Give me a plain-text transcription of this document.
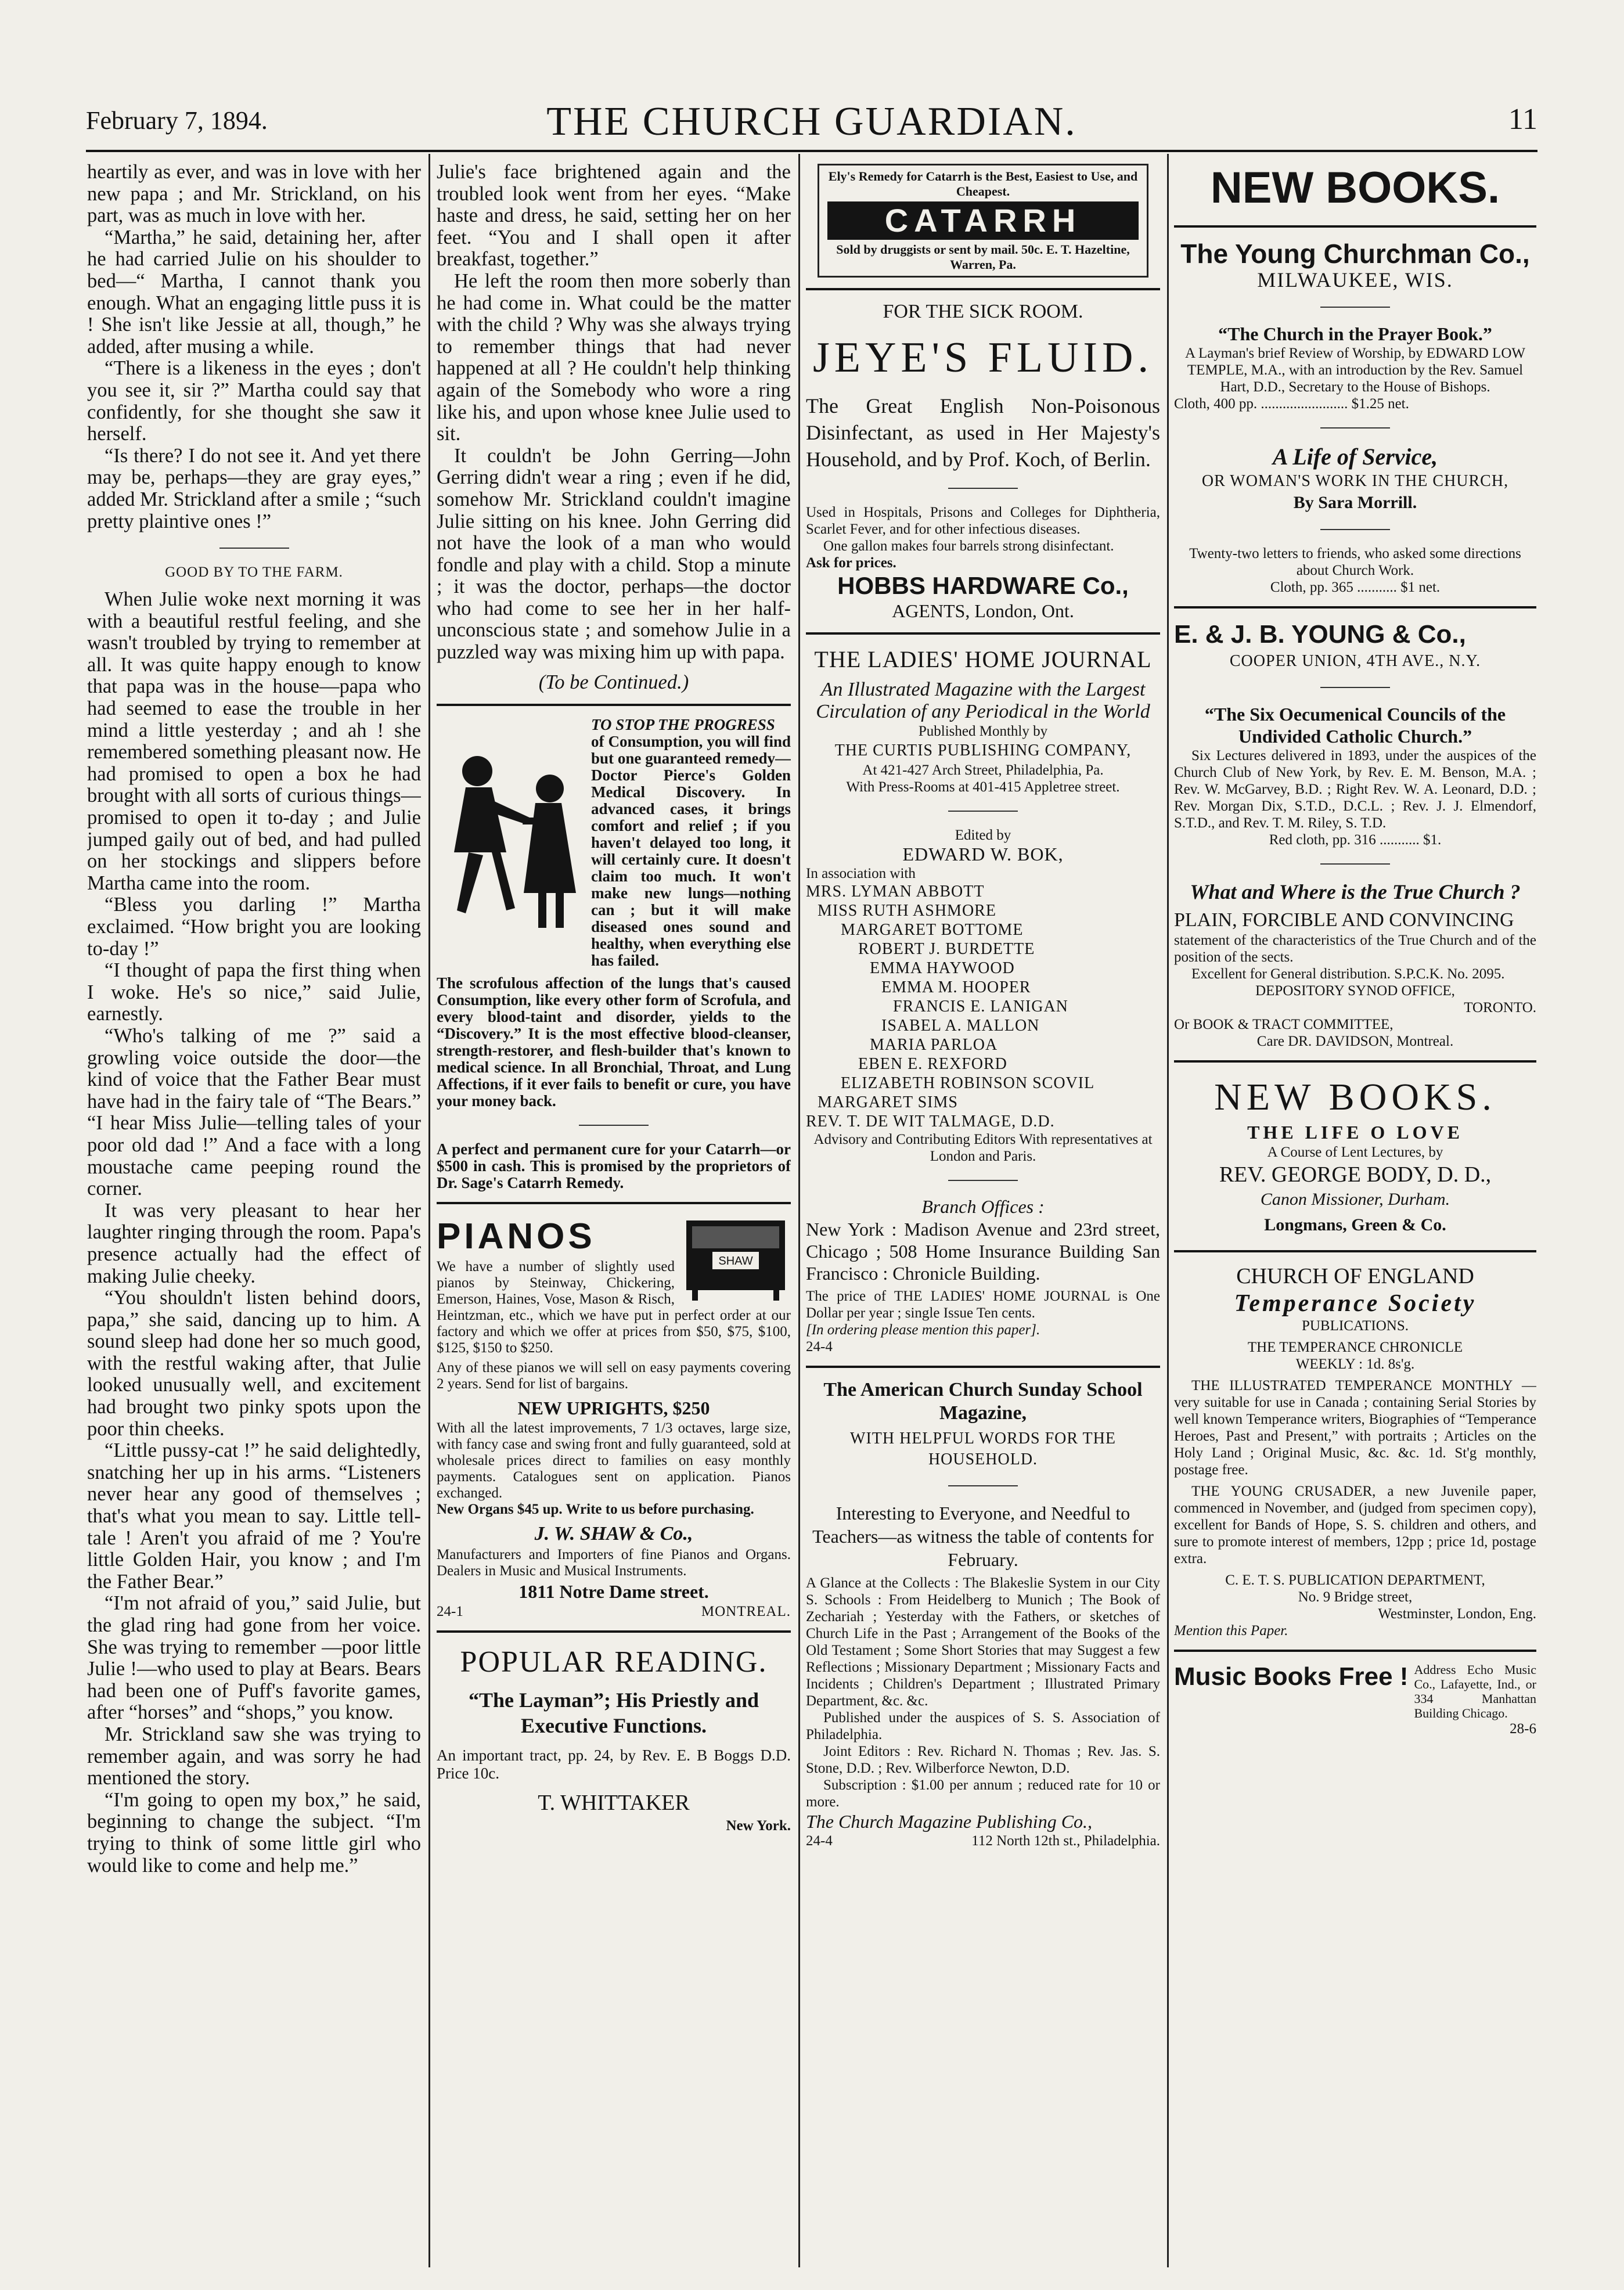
February 7, 1894.	THE CHURCH GUARDIAN.	11

heartily as ever, and was in love with her new papa ; and Mr. Strickland, on his part, was as much in love with her.

“Martha,” he said, detaining her, after he had carried Julie on his shoulder to bed—“ Martha, I cannot thank you enough. What an engaging little puss it is ! She isn't like Jessie at all, though,” he added, after musing a while.

“There is a likeness in the eyes ; don't you see it, sir ?” Martha could say that confidently, for she thought she saw it herself.

“Is there? I do not see it. And yet there may be, perhaps—they are gray eyes,” added Mr. Strickland after a smile ; “such pretty plaintive ones !”

GOOD BY TO THE FARM.

When Julie woke next morning it was with a beautiful restful feeling, and she wasn't troubled by trying to remember at all. It was quite happy enough to know that papa was in the house—papa who had seemed to ease the trouble in her mind a little yesterday ; and ah ! she remembered something pleasant now. He had promised to open a box he had brought with all sorts of curious things—promised to open it to-day ; and Julie jumped gaily out of bed, and had pulled on her stockings and slippers before Martha came into the room.

“Bless you darling !” Martha exclaimed. “How bright you are looking to-day !”

“I thought of papa the first thing when I woke. He's so nice,” said Julie, earnestly.

“Who's talking of me ?” said a growling voice outside the door—the kind of voice that the Father Bear must have had in the fairy tale of “The Bears.” “I hear Miss Julie—telling tales of your poor old dad !” And a face with a long moustache came peeping round the corner.

It was very pleasant to hear her laughter ringing through the room. Papa's presence actually had the effect of making Julie cheeky.

“You shouldn't listen behind doors, papa,” she said, dancing up to him. A sound sleep had done her so much good, with the restful waking after, that Julie looked unusually well, and excitement had brought two pinky spots upon the poor thin cheeks.

“Little pussy-cat !” he said delightedly, snatching her up in his arms. “Listeners never hear any good of themselves ; that's what you mean to say. Little tell-tale ! Aren't you afraid of me ? You're little Golden Hair, you know ; and I'm the Father Bear.”

“I'm not afraid of you,” said Julie, but the glad ring had gone from her voice. She was trying to remember —poor little Julie !—who used to play at Bears. Bears had been one of Puff's favorite games, after “horses” and “shops,” you know.

Mr. Strickland saw she was trying to remember again, and was sorry he had mentioned the story.

“I'm going to open my box,” he said, beginning to change the subject. “I'm trying to think of some little girl who would like to come and help me.”

Julie's face brightened again and the troubled look went from her eyes. “Make haste and dress, he said, setting her on her feet. “You and I shall open it after breakfast, together.”

He left the room then more soberly than he had come in. What could be the matter with the child ? Why was she always trying to remember things that had never happened at all ? He couldn't help thinking again of the Somebody who wore a ring like his, and upon whose knee Julie used to sit.

It couldn't be John Gerring—John Gerring didn't wear a ring ; even if he did, somehow Mr. Strickland couldn't imagine Julie sitting on his knee. John Gerring did not have the look of a man who would fondle and play with a child. Stop a minute ; it was the doctor, perhaps—the doctor who had come to see her in her half-unconscious state ; and somehow Julie in a puzzled way was mixing him up with papa.

(To be Continued.)

TO STOP THE PROGRESS

of Consumption, you will find but one guaranteed remedy—Doctor Pierce's Golden Medical Discovery. In advanced cases, it brings comfort and relief ; if you haven't delayed too long, it will certainly cure. It doesn't claim too much. It won't make new lungs—nothing can ; but it will make diseased ones sound and healthy, when everything else has failed.

The scrofulous affection of the lungs that's caused Consumption, like every other form of Scrofula, and every blood-taint and disorder, yields to the “Discovery.” It is the most effective blood-cleanser, strength-restorer, and flesh-builder that's known to medical science. In all Bronchial, Throat, and Lung Affections, if it ever fails to benefit or cure, you have your money back.

A perfect and permanent cure for your Catarrh—or $500 in cash. This is promised by the proprietors of Dr. Sage's Catarrh Remedy.

SHAW
PIANOS

We have a number of slightly used pianos by Steinway, Chickering, Emerson, Haines, Vose, Mason & Risch, Heintzman, etc., which we have put in perfect order at our factory and which we offer at prices from $50, $75, $100, $125, $150 to $250.

Any of these pianos we will sell on easy payments covering 2 years. Send for list of bargains.

NEW UPRIGHTS, $250

With all the latest improvements, 7 1/3 octaves, large size, with fancy case and swing front and fully guaranteed, sold at wholesale prices direct to families on easy monthly payments. Catalogues sent on application. Pianos exchanged.

New Organs $45 up. Write to us before purchasing.

J. W. SHAW & Co.,

Manufacturers and Importers of fine Pianos and Organs. Dealers in Music and Musical Instruments.

1811 Notre Dame street.

24-1	MONTREAL.
POPULAR READING.

“The Layman”; His Priestly and Executive Functions.

An important tract, pp. 24, by Rev. E. B Boggs D.D. Price 10c.

T. WHITTAKER

New York.

Ely's Remedy for Catarrh is the Best, Easiest to Use, and Cheapest.
CATARRH
Sold by druggists or sent by mail. 50c. E. T. Hazeltine, Warren, Pa.

FOR THE SICK ROOM.

JEYE'S FLUID.

The Great English Non-Poisonous Disinfectant, as used in Her Majesty's Household, and by Prof. Koch, of Berlin.

Used in Hospitals, Prisons and Colleges for Diphtheria, Scarlet Fever, and for other infectious diseases.

One gallon makes four barrels strong disinfectant.

Ask for prices.

HOBBS HARDWARE Co.,

AGENTS, London, Ont.

THE LADIES' HOME JOURNAL

An Illustrated Magazine with the Largest Circulation of any Periodical in the World

Published Monthly by

THE CURTIS PUBLISHING COMPANY,

At 421-427 Arch Street, Philadelphia, Pa.

With Press-Rooms at 401-415 Appletree street.

Edited by

EDWARD W. BOK,

In association with

MRS. LYMAN ABBOTT
MISS RUTH ASHMORE
MARGARET BOTTOME
ROBERT J. BURDETTE
EMMA HAYWOOD
EMMA M. HOOPER
FRANCIS E. LANIGAN
ISABEL A. MALLON
MARIA PARLOA
EBEN E. REXFORD
ELIZABETH ROBINSON SCOVIL
MARGARET SIMS
REV. T. DE WIT TALMAGE, D.D.

Advisory and Contributing Editors With representatives at London and Paris.

Branch Offices :

New York : Madison Avenue and 23rd street, Chicago ; 508 Home Insurance Building San Francisco : Chronicle Building.

The price of THE LADIES' HOME JOURNAL is One Dollar per year ; single Issue Ten cents.

[In ordering please mention this paper].

24-4

The American Church Sunday School Magazine,

WITH HELPFUL WORDS FOR THE HOUSEHOLD.

Interesting to Everyone, and Needful to Teachers—as witness the table of contents for February.

A Glance at the Collects : The Blakeslie System in our City S. Schools : From Heidelberg to Munich ; The Book of Zechariah ; Yesterday with the Fathers, or sketches of Church Life in the Past ; Arrangement of the Books of the Old Testament ; Some Short Stories that may Suggest a few Reflections ; Missionary Department ; Missionary Facts and Incidents ; Children's Department ; Illustrated Primary Department, &c. &c.

Published under the auspices of S. S. Association of Philadelphia.

Joint Editors : Rev. Richard N. Thomas ; Rev. Jas. S. Stone, D.D. ; Rev. Wilberforce Newton, D.D.

Subscription : $1.00 per annum ; reduced rate for 10 or more.

The Church Magazine Publishing Co.,

24-4	112 North 12th st., Philadelphia.
NEW BOOKS.

The Young Churchman Co.,

MILWAUKEE, WIS.

“The Church in the Prayer Book.”

A Layman's brief Review of Worship, by EDWARD LOW TEMPLE, M.A., with an introduction by the Rev. Samuel Hart, D.D., Secretary to the House of Bishops.

Cloth, 400 pp. ........................ $1.25 net.

A Life of Service,

OR WOMAN'S WORK IN THE CHURCH,

By Sara Morrill.

Twenty-two letters to friends, who asked some directions about Church Work.

Cloth, pp. 365 ........... $1 net.

E. & J. B. YOUNG & Co.,

COOPER UNION, 4TH AVE., N.Y.

“The Six Oecumenical Councils of the Undivided Catholic Church.”

Six Lectures delivered in 1893, under the auspices of the Church Club of New York, by Rev. E. M. Benson, M.A. ; Rev. W. McGarvey, B.D. ; Right Rev. W. A. Leonard, D.D. ; Rev. Morgan Dix, S.T.D., D.C.L. ; Rev. J. J. Elmendorf, S.T.D., and Rev. T. M. Riley, S. T.D.

Red cloth, pp. 316 ........... $1.

What and Where is the True Church ?

PLAIN, FORCIBLE AND CONVINCING

statement of the characteristics of the True Church and of the position of the sects.

Excellent for General distribution. S.P.C.K. No. 2095.

DEPOSITORY SYNOD OFFICE,

TORONTO.

Or BOOK & TRACT COMMITTEE,

Care DR. DAVIDSON, Montreal.

NEW BOOKS.

THE LIFE O LOVE

A Course of Lent Lectures, by

REV. GEORGE BODY, D. D.,

Canon Missioner, Durham.

Longmans, Green & Co.

CHURCH OF ENGLAND

Temperance Society

PUBLICATIONS.

THE TEMPERANCE CHRONICLE

WEEKLY : 1d. 8s'g.

THE ILLUSTRATED TEMPERANCE MONTHLY —very suitable for use in Canada ; containing Serial Stories by well known Temperance writers, Biographies of “Temperance Heroes, Past and Present,” with portraits ; Articles on the Holy Land ; Original Music, &c. &c. 1d. St'g monthly, postage free.

THE YOUNG CRUSADER, a new Juvenile paper, commenced in November, and (judged from specimen copy), excellent for Bands of Hope, S. S. children and others, and sure to promote interest of members, 12pp ; price 1d, postage extra.

C. E. T. S. PUBLICATION DEPARTMENT,

No. 9 Bridge street,

Westminster, London, Eng.

Mention this Paper.

Music Books Free ! Address Echo Music Co., Lafayette, Ind., or 334 Manhattan Building Chicago.

28-6
